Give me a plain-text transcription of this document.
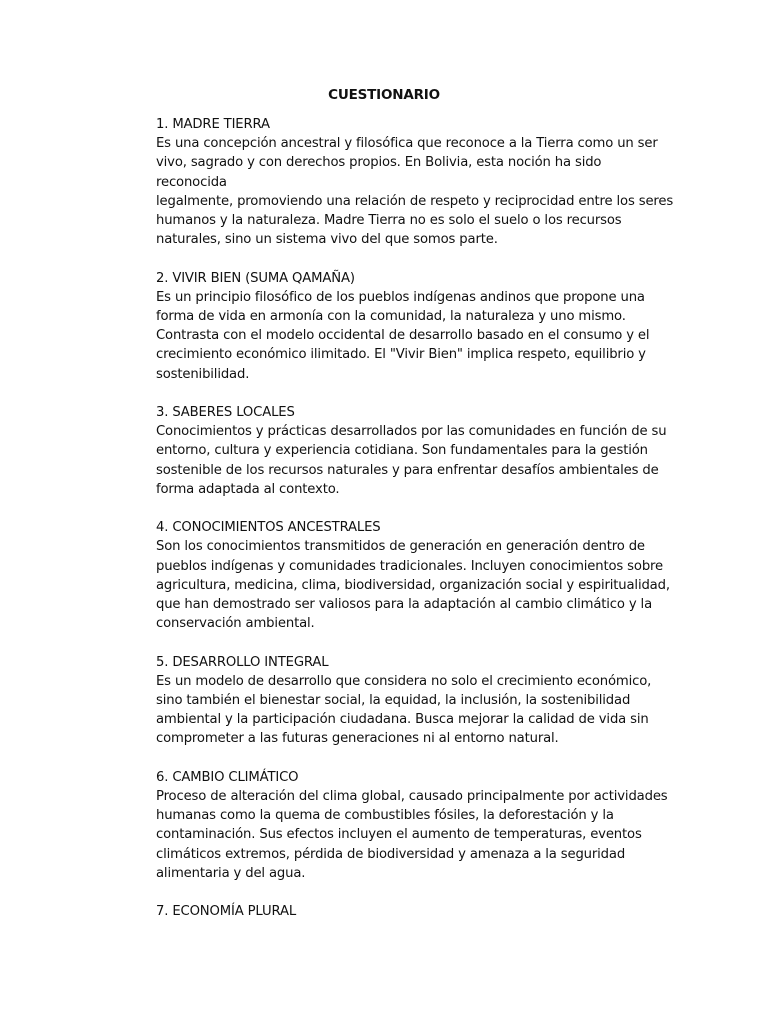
CUESTIONARIO

1. MADRE TIERRA

Es una concepción ancestral y filosófica que reconoce a la Tierra como un ser
vivo, sagrado y con derechos propios. En Bolivia, esta noción ha sido reconocida
legalmente, promoviendo una relación de respeto y reciprocidad entre los seres
humanos y la naturaleza. Madre Tierra no es solo el suelo o los recursos
naturales, sino un sistema vivo del que somos parte.

2. VIVIR BIEN (SUMA QAMAÑA)

Es un principio filosófico de los pueblos indígenas andinos que propone una
forma de vida en armonía con la comunidad, la naturaleza y uno mismo.
Contrasta con el modelo occidental de desarrollo basado en el consumo y el
crecimiento económico ilimitado. El "Vivir Bien" implica respeto, equilibrio y
sostenibilidad.

3. SABERES LOCALES

Conocimientos y prácticas desarrollados por las comunidades en función de su
entorno, cultura y experiencia cotidiana. Son fundamentales para la gestión
sostenible de los recursos naturales y para enfrentar desafíos ambientales de
forma adaptada al contexto.

4. CONOCIMIENTOS ANCESTRALES

Son los conocimientos transmitidos de generación en generación dentro de
pueblos indígenas y comunidades tradicionales. Incluyen conocimientos sobre
agricultura, medicina, clima, biodiversidad, organización social y espiritualidad,
que han demostrado ser valiosos para la adaptación al cambio climático y la
conservación ambiental.

5. DESARROLLO INTEGRAL

Es un modelo de desarrollo que considera no solo el crecimiento económico,
sino también el bienestar social, la equidad, la inclusión, la sostenibilidad
ambiental y la participación ciudadana. Busca mejorar la calidad de vida sin
comprometer a las futuras generaciones ni al entorno natural.

6. CAMBIO CLIMÁTICO

Proceso de alteración del clima global, causado principalmente por actividades
humanas como la quema de combustibles fósiles, la deforestación y la
contaminación. Sus efectos incluyen el aumento de temperaturas, eventos
climáticos extremos, pérdida de biodiversidad y amenaza a la seguridad
alimentaria y del agua.

7. ECONOMÍA PLURAL
